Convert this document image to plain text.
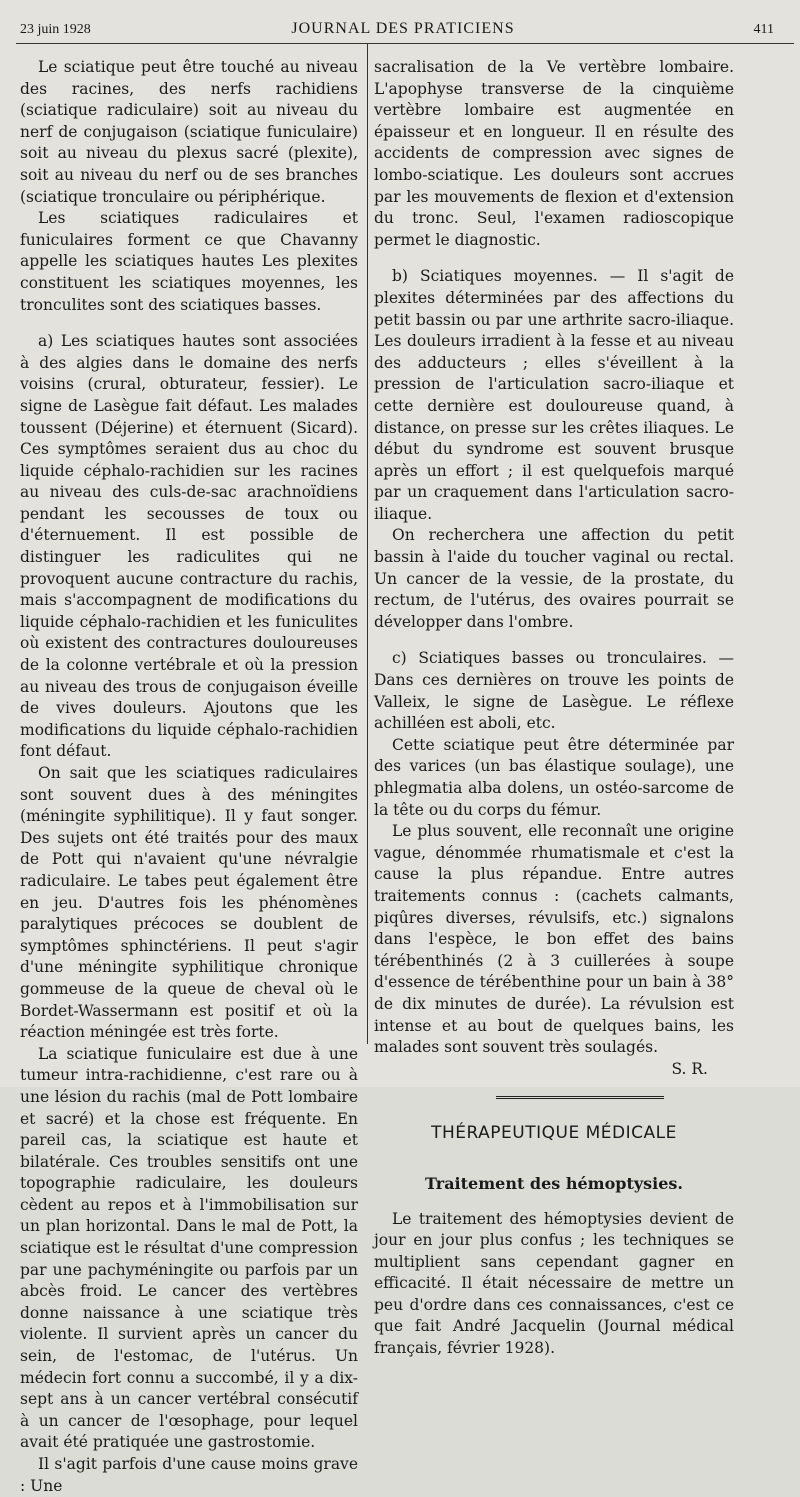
23 juin 1928	JOURNAL DES PRATICIENS	411

Le sciatique peut être touché au niveau des racines, des nerfs rachidiens (sciatique radiculaire) soit au niveau du nerf de conjugaison (sciatique funiculaire) soit au niveau du plexus sacré (plexite), soit au niveau du nerf ou de ses branches (sciatique tronculaire ou périphérique.

Les sciatiques radiculaires et funiculaires forment ce que Chavanny appelle les sciatiques hautes Les plexites constituent les sciatiques moyennes, les tronculites sont des sciatiques basses.

a) Les sciatiques hautes sont associées à des algies dans le domaine des nerfs voisins (crural, obturateur, fessier). Le signe de Lasègue fait défaut. Les malades toussent (Déjerine) et éternuent (Sicard). Ces symptômes seraient dus au choc du liquide céphalo-rachidien sur les racines au niveau des culs-de-sac arachnoïdiens pendant les secousses de toux ou d'éternuement. Il est possible de distinguer les radiculites qui ne provoquent aucune contracture du rachis, mais s'accompagnent de modifications du liquide céphalo-rachidien et les funiculites où existent des contractures douloureuses de la colonne vertébrale et où la pression au niveau des trous de conjugaison éveille de vives douleurs. Ajoutons que les modifications du liquide céphalo-rachidien font défaut.

On sait que les sciatiques radiculaires sont souvent dues à des méningites (méningite syphilitique). Il y faut songer. Des sujets ont été traités pour des maux de Pott qui n'avaient qu'une névralgie radiculaire. Le tabes peut également être en jeu. D'autres fois les phénomènes paralytiques précoces se doublent de symptômes sphinctériens. Il peut s'agir d'une méningite syphilitique chronique gommeuse de la queue de cheval où le Bordet-Wassermann est positif et où la réaction méningée est très forte.

La sciatique funiculaire est due à une tumeur intra-rachidienne, c'est rare ou à une lésion du rachis (mal de Pott lombaire et sacré) et la chose est fréquente. En pareil cas, la sciatique est haute et bilatérale. Ces troubles sensitifs ont une topographie radiculaire, les douleurs cèdent au repos et à l'immobilisation sur un plan horizontal. Dans le mal de Pott, la sciatique est le résultat d'une compression par une pachyméningite ou parfois par un abcès froid. Le cancer des vertèbres donne naissance à une sciatique très violente. Il survient après un cancer du sein, de l'estomac, de l'utérus. Un médecin fort connu a succombé, il y a dix-sept ans à un cancer vertébral consécutif à un cancer de l'œsophage, pour lequel avait été pratiquée une gastrostomie.

Il s'agit parfois d'une cause moins grave : Une

sacralisation de la Ve vertèbre lombaire. L'apophyse transverse de la cinquième vertèbre lombaire est augmentée en épaisseur et en longueur. Il en résulte des accidents de compression avec signes de lombo-sciatique. Les douleurs sont accrues par les mouvements de flexion et d'extension du tronc. Seul, l'examen radioscopique permet le diagnostic.

b) Sciatiques moyennes. — Il s'agit de plexites déterminées par des affections du petit bassin ou par une arthrite sacro-iliaque. Les douleurs irradient à la fesse et au niveau des adducteurs ; elles s'éveillent à la pression de l'articulation sacro-iliaque et cette dernière est douloureuse quand, à distance, on presse sur les crêtes iliaques. Le début du syndrome est souvent brusque après un effort ; il est quelquefois marqué par un craquement dans l'articulation sacro-iliaque.

On recherchera une affection du petit bassin à l'aide du toucher vaginal ou rectal. Un cancer de la vessie, de la prostate, du rectum, de l'utérus, des ovaires pourrait se développer dans l'ombre.

c) Sciatiques basses ou tronculaires. — Dans ces dernières on trouve les points de Valleix, le signe de Lasègue. Le réflexe achilléen est aboli, etc.

Cette sciatique peut être déterminée par des varices (un bas élastique soulage), une phlegmatia alba dolens, un ostéo-sarcome de la tête ou du corps du fémur.

Le plus souvent, elle reconnaît une origine vague, dénommée rhumatismale et c'est la cause la plus répandue. Entre autres traitements connus : (cachets calmants, piqûres diverses, révulsifs, etc.) signalons dans l'espèce, le bon effet des bains térébenthinés (2 à 3 cuillerées à soupe d'essence de térébenthine pour un bain à 38° de dix minutes de durée). La révulsion est intense et au bout de quelques bains, les malades sont souvent très soulagés.

S. R.

THÉRAPEUTIQUE MÉDICALE
Traitement des hémoptysies.

Le traitement des hémoptysies devient de jour en jour plus confus ; les techniques se multiplient sans cependant gagner en efficacité. Il était nécessaire de mettre un peu d'ordre dans ces connaissances, c'est ce que fait André Jacquelin (Journal médical français, février 1928).
